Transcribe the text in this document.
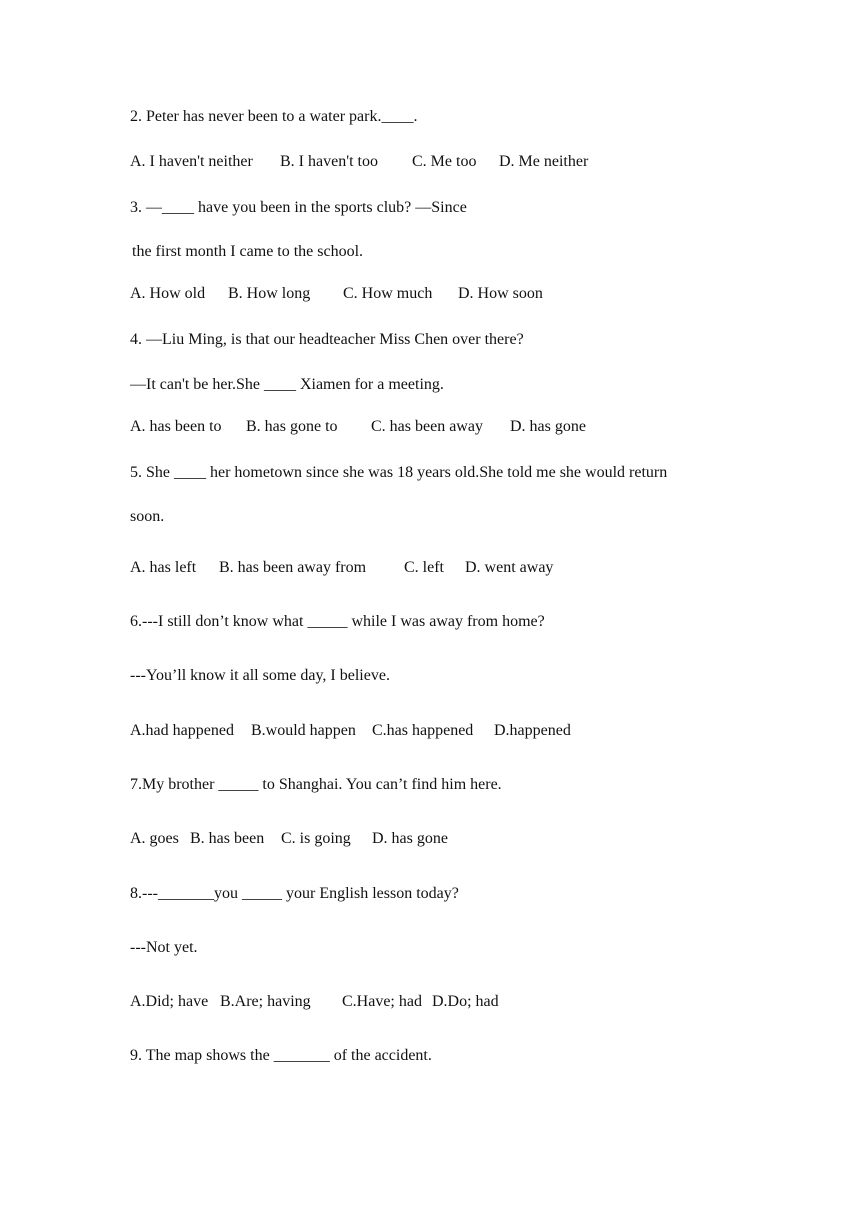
2. Peter has never been to a water park.____.
A. I haven't neither B. I haven't too C. Me too D. Me neither
3. —____ have you been in the sports club? —Since
the first month I came to the school.
A. How old B. How long C. How much D. How soon
4. —Liu Ming, is that our headteacher Miss Chen over there?
—It can't be her.She ____ Xiamen for a meeting.
A. has been to B. has gone to C. has been away D. has gone
5. She ____ her hometown since she was 18 years old.She told me she would return
soon.
A. has left B. has been away from C. left D. went away
6.---I still don’t know what _____ while I was away from home?
---You’ll know it all some day, I believe.
A.had happened B.would happen C.has happened D.happened
7.My brother _____ to Shanghai. You can’t find him here.
A. goes B. has been C. is going D. has gone
8.---_______you _____ your English lesson today?
---Not yet.
A.Did; have B.Are; having C.Have; had D.Do; had
9. The map shows the _______ of the accident.
